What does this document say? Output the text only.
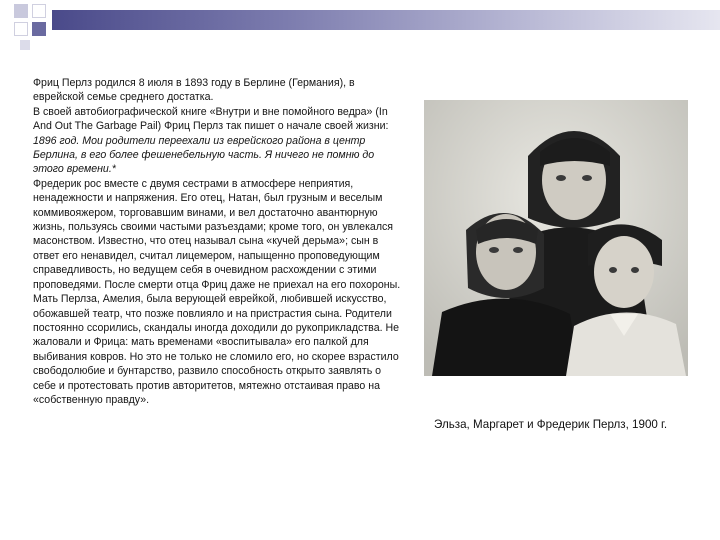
Фриц Перлз родился 8 июля в 1893 году в Берлине (Германия), в еврейской семье среднего достатка.

В своей автобиографической книге «Внутри и вне помойного ведра» (In And Out The Garbage Pail) Фриц Перлз так пишет о начале своей жизни:

1896 год. Мои родители переехали из еврейского района в центр Берлина, в его более фешенебельную часть. Я ничего не помню до этого времени.*

Фредерик рос вместе с двумя сестрами в атмосфере неприятия, ненадежности и напряжения. Его отец, Натан, был грузным и веселым коммивояжером, торговавшим винами, и вел достаточно авантюрную жизнь, пользуясь своими частыми разъездами; кроме того, он увлекался масонством. Известно, что отец называл сына «кучей дерьма»; сын в ответ его ненавидел, считал лицемером, напыщенно проповедующим справедливость, но ведущем себя в очевидном расхождении с этими проповедями. После смерти отца Фриц даже не приехал на его похороны.

Мать Перлза, Амелия, была верующей еврейкой, любившей искусство, обожавшей театр, что позже повлияло и на пристрастия сына. Родители постоянно ссорились, скандалы иногда доходили до рукоприкладства. Не жаловали и Фрица: мать временами «воспитывала» его палкой для выбивания ковров. Но это не только не сломило его, но скорее взрастило свободолюбие и бунтарство, развило способность открыто заявлять о себе и протестовать против авторитетов, мятежно отстаивая право на «собственную правду».

Эльза, Маргарет и Фредерик Перлз, 1900 г.
